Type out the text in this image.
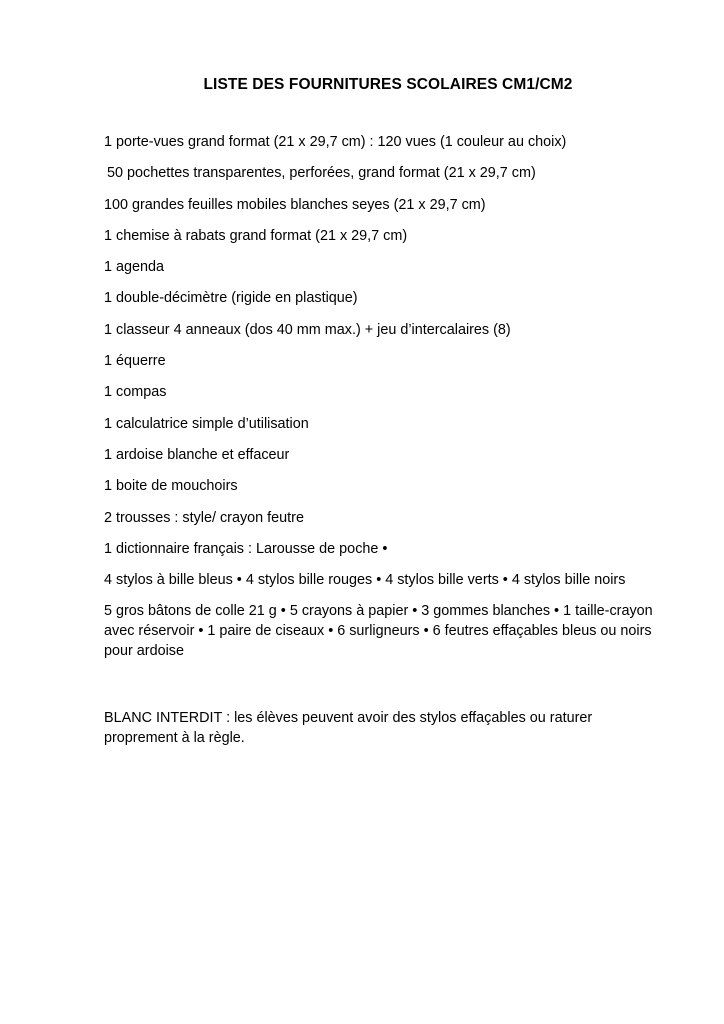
LISTE DES FOURNITURES SCOLAIRES CM1/CM2
1 porte-vues grand format (21 x 29,7 cm) : 120 vues (1 couleur au choix)
50 pochettes transparentes, perforées, grand format (21 x 29,7 cm)
100 grandes feuilles mobiles blanches seyes (21 x 29,7 cm)
1 chemise à rabats grand format (21 x 29,7 cm)
1 agenda
1 double-décimètre (rigide en plastique)
1 classeur 4 anneaux (dos 40 mm max.) + jeu d’intercalaires (8)
1 équerre
1 compas
1 calculatrice simple d’utilisation
1 ardoise blanche et effaceur
1 boite de mouchoirs
2 trousses : style/ crayon feutre
1 dictionnaire français : Larousse de poche •
4 stylos à bille bleus • 4 stylos bille rouges • 4 stylos bille verts • 4 stylos bille noirs
5 gros bâtons de colle 21 g • 5 crayons à papier • 3 gommes blanches • 1 taille-crayon avec réservoir • 1 paire de ciseaux • 6 surligneurs • 6 feutres effaçables bleus ou noirs pour ardoise

BLANC INTERDIT : les élèves peuvent avoir des stylos effaçables ou raturer proprement à la règle.
